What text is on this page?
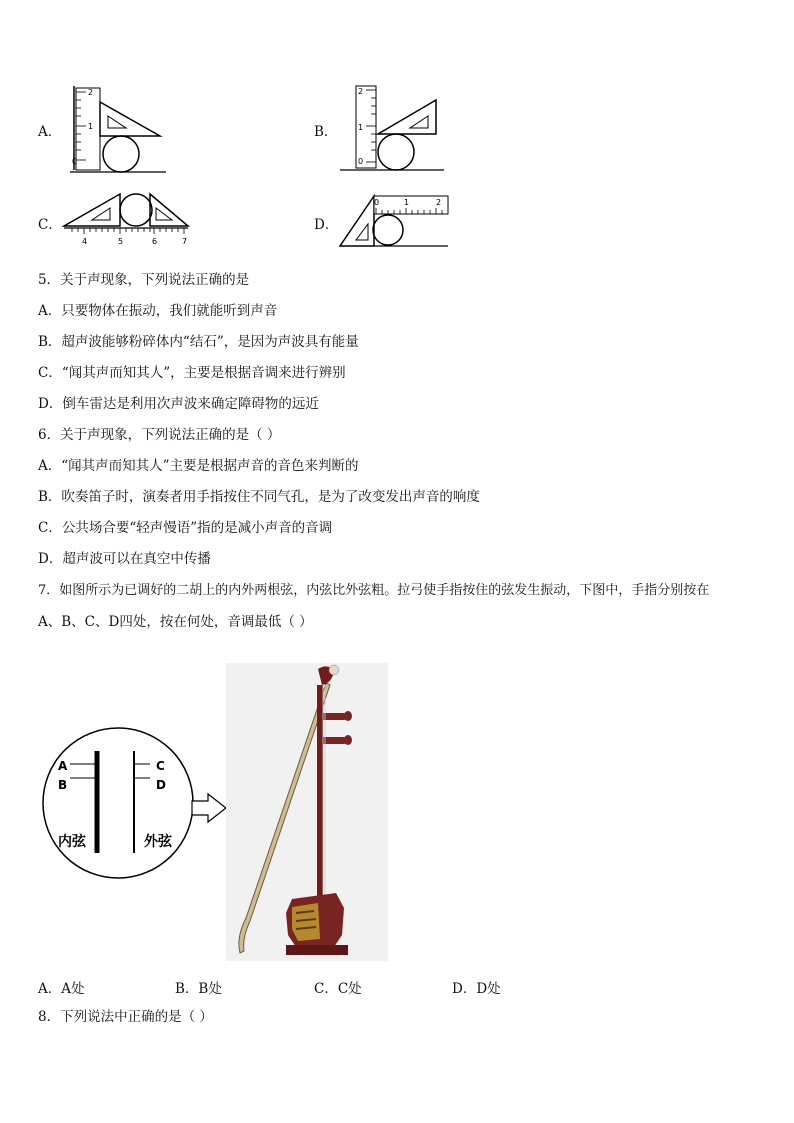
A．
2
1
0
B．
2
1
0
C．
4	5	6	7
D．
0	1	2
5．关于声现象，下列说法正确的是
A．只要物体在振动，我们就能听到声音
B．超声波能够粉碎体内“结石”，是因为声波具有能量
C．“闻其声而知其人”，主要是根据音调来进行辨别
D．倒车雷达是利用次声波来确定障碍物的远近
6．关于声现象，下列说法正确的是（ ）
A．“闻其声而知其人”主要是根据声音的音色来判断的
B．吹奏笛子时，演奏者用手指按住不同气孔，是为了改变发出声音的响度
C．公共场合要“轻声慢语”指的是减小声音的音调
D．超声波可以在真空中传播
7．如图所示为已调好的二胡上的内外两根弦，内弦比外弦粗。拉弓使手指按住的弦发生振动，下图中，手指分别按在
A、B、C、D四处，按在何处，音调最低（ ）
A
B
C
D
内弦	外弦
A．A处	B．B处	C．C处	D．D处
8．下列说法中正确的是（ ）
